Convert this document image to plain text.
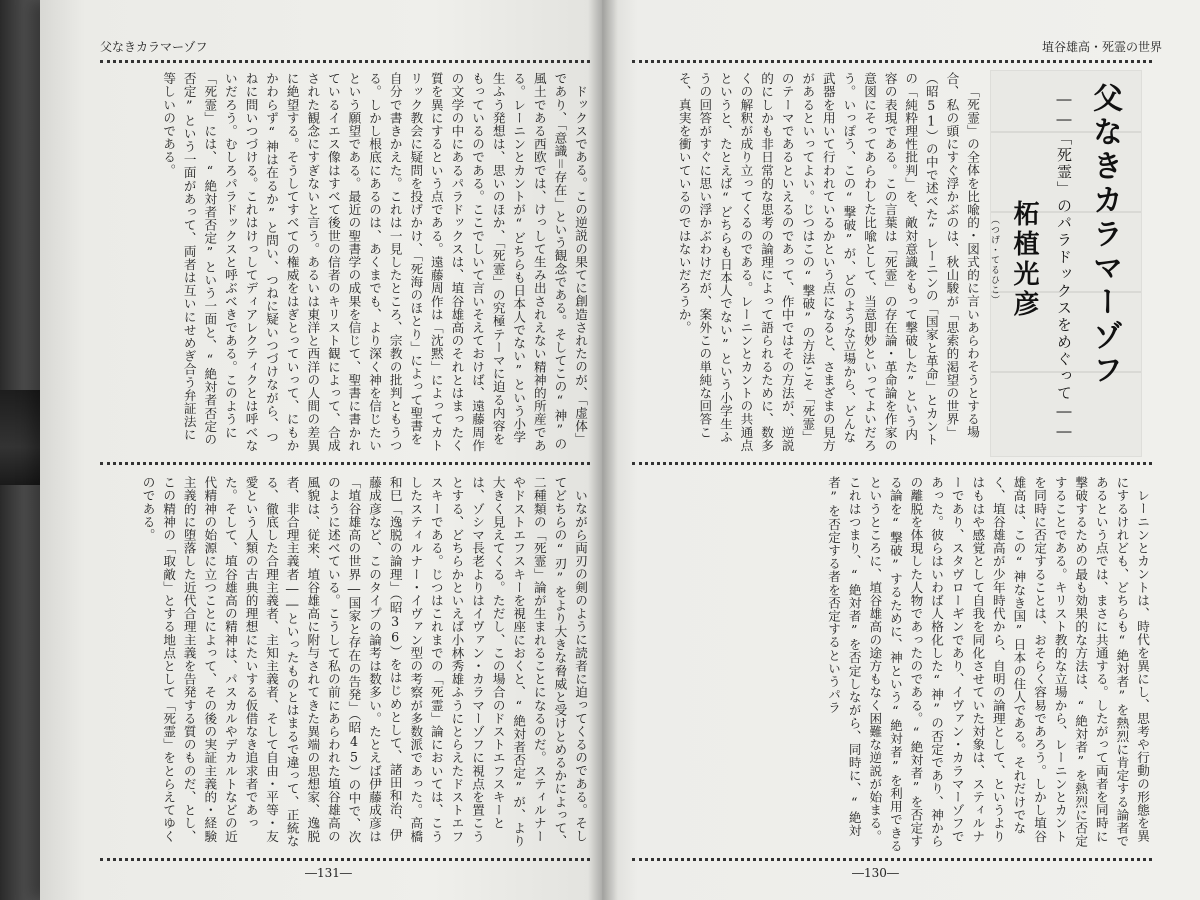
父なきカラマーゾフ

ドックスである。この逆説の果てに創造されたのが、「虚体」であり、「意識＝存在」という観念である。そしてこの“神”の風土である西欧では、けっして生み出されえない精神的所産である。レーニンとカントが“どちらも日本人でない”という小学生ふう発想は、思いのほか、「死霊」の究極テーマに迫る内容をもっているのである。ここでしいて言いそえておけば、遠藤周作の文学の中にあるパラドックスは、埴谷雄高のそれとはまったく質を異にするという点である。遠藤周作は「沈黙」によってカトリック教会に疑問を投げかけ、「死海のほとり」によって聖書を自分で書きかえた。これは一見したところ、宗教の批判ともうつる。しかし根底にあるのは、あくまでも、より深く神を信じたいという願望である。最近の聖書学の成果を信じて、聖書に書かれているイエス像はすべて後世の信者のキリスト観によって、合成された観念にすぎないと言う。あるいは東洋と西洋の人間の差異に絶望する。そうしてすべての権威をはぎとっていって、にもかかわらず“神は在るか”と問い、つねに疑いつづけながら、つねに問いつづける。これはけっしてディアレクティクとは呼べないだろう。むしろパラドックスと呼ぶべきである。このように「死霊」には、“絶対者否定”という一面と、“絶対者否定の否定”という一面があって、両者は互いにせめぎ合う弁証法に等しいのである。

いながら両刃の剣のように読者に迫ってくるのである。そしてどちらの“刃”をより大きな脅威と受けとめるかによって、二種類の「死霊」論が生まれることになるのだ。スティルナーやドストエフスキーを視座におくと、“絶対者否定”が、より大きく見えてくる。ただし、この場合のドストエフスキーとは、ゾシマ長老よりはイヴァン・カラマーゾフに視点を置こうとする、どちらかといえば小林秀雄ふうにとらえたドストエフスキーである。じつはこれまでの「死霊」論においては、こうしたスティルナー・イヴァン型の考察が多数派であった。高橋和巳「逸脱の論理」（昭36）をはじめとして、諸田和治、伊藤成彦など、このタイプの論考は数多い。たとえば伊藤成彦は「埴谷雄高の世界―国家と存在の告発」（昭45）の中で、次のように述べている。こうして私の前にあらわれた埴谷雄高の風貌は、従来、埴谷雄高に附与されてきた異端の思想家、逸脱者、非合理主義者――といったものとはまるで違って、正統なる、徹底した合理主義者、主知主義者、そして自由・平等・友愛という人類の古典的理想にたいする仮借なき追求者であった。そして、埴谷雄高の精神は、パスカルやデカルトなどの近代精神の始源に立つことによって、その後の実証主義的・経験主義的に堕落した近代合理主義を告発する質のものだ、とし、この精神の「取敵」とする地点として「死霊」をとらえてゆくのである。

―131―
埴谷雄高・死霊の世界
父なきカラマーゾフ
――「死霊」のパラドックスをめぐって――
柘植光彦
（つげ・てるひこ）

「死霊」の全体を比喩的・図式的に言いあらわそうとする場合、私の頭にすぐ浮かぶのは、秋山駿が「思索的渇望の世界」（昭51）の中で述べた“レーニンの「国家と革命」とカントの「純粋理性批判」を、敵対意識をもって撃破した”という内容の表現である。この言葉は「死霊」の存在論・革命論を作家の意図にそってあらわした比喩として、当意即妙といってよいだろう。いっぽう、この“撃破”が、どのような立場から、どんな武器を用いて行われているかという点になると、さまざまの見方があるといってよい。じつはこの“撃破”の方法こそ「死霊」のテーマであるといえるのであって、作中ではその方法が、逆説的にしかも非日常的な思考の論理によって語られるために、数多くの解釈が成り立ってくるのである。レーニンとカントの共通点というと、たとえば“どちらも日本人でない”という小学生ふうの回答がすぐに思い浮かぶわけだが、案外この単純な回答こそ、真実を衝いているのではないだろうか。

レーニンとカントは、時代を異にし、思考や行動の形態を異にするけれども、どちらも“絶対者”を熱烈に肯定する論者であるという点では、まさに共通する。したがって両者を同時に撃破するための最も効果的な方法は、“絶対者”を熱烈に否定することである。キリスト教的な立場から、レーニンとカントを同時に否定することは、おそらく容易であろう。しかし埴谷雄高は、この“神なき国”日本の住人である。それだけでなく、埴谷雄高が少年時代から、自明の論理として、というよりはもはや感覚として自我を同化させていた対象は、スティルナーであり、スタヴローギンであり、イヴァン・カラマーゾフであった。彼らはいわば人格化した“神”の否定であり、神からの離脱を体現した人物であったのである。“絶対者”を否定する論を“撃破”するために、神という“絶対者”を利用できるというところに、埴谷雄高の途方もなく困難な逆説が始まる。これはつまり、“絶対者”を否定しながら、同時に、“絶対者”を否定する者を否定するというパラ

―130―
